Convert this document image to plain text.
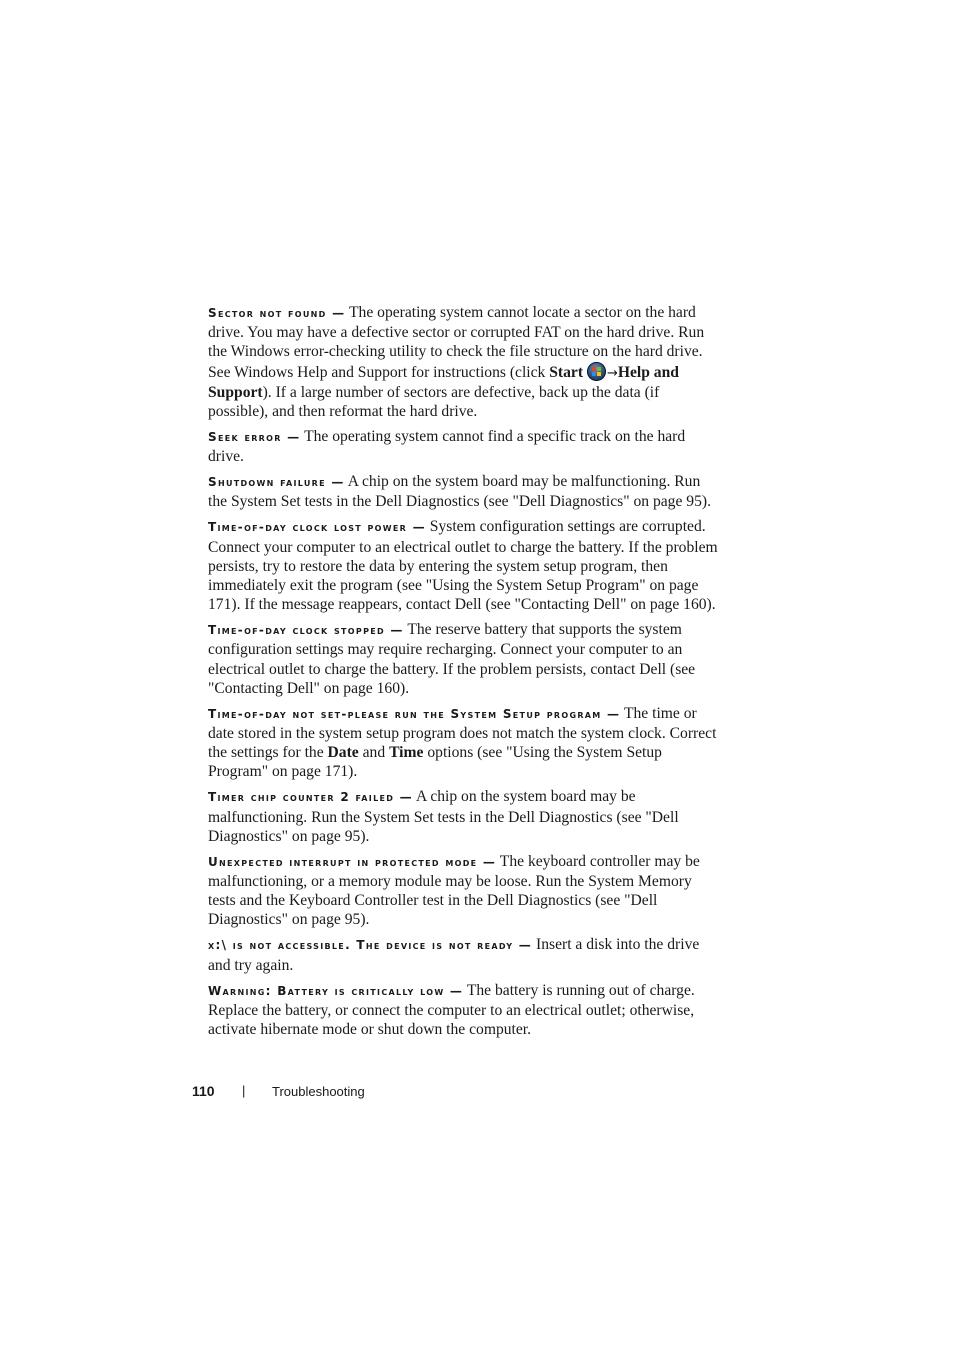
Sector not found — The operating system cannot locate a sector on the hard drive. You may have a defective sector or corrupted FAT on the hard drive. Run the Windows error-checking utility to check the file structure on the hard drive. See Windows Help and Support for instructions (click Start →Help and Support). If a large number of sectors are defective, back up the data (if possible), and then reformat the hard drive.

Seek error — The operating system cannot find a specific track on the hard drive.

Shutdown failure — A chip on the system board may be malfunctioning. Run the System Set tests in the Dell Diagnostics (see "Dell Diagnostics" on page 95).

Time-of-day clock lost power — System configuration settings are corrupted. Connect your computer to an electrical outlet to charge the battery. If the problem persists, try to restore the data by entering the system setup program, then immediately exit the program (see "Using the System Setup Program" on page 171). If the message reappears, contact Dell (see "Contacting Dell" on page 160).

Time-of-day clock stopped — The reserve battery that supports the system configuration settings may require recharging. Connect your computer to an electrical outlet to charge the battery. If the problem persists, contact Dell (see "Contacting Dell" on page 160).

Time-of-day not set-please run the System Setup program — The time or date stored in the system setup program does not match the system clock. Correct the settings for the Date and Time options (see "Using the System Setup Program" on page 171).

Timer chip counter 2 failed — A chip on the system board may be malfunctioning. Run the System Set tests in the Dell Diagnostics (see "Dell Diagnostics" on page 95).

Unexpected interrupt in protected mode — The keyboard controller may be malfunctioning, or a memory module may be loose. Run the System Memory tests and the Keyboard Controller test in the Dell Diagnostics (see "Dell Diagnostics" on page 95).

x:\ is not accessible. The device is not ready — Insert a disk into the drive and try again.

Warning: Battery is critically low — The battery is running out of charge. Replace the battery, or connect the computer to an electrical outlet; otherwise, activate hibernate mode or shut down the computer.

110 | Troubleshooting
